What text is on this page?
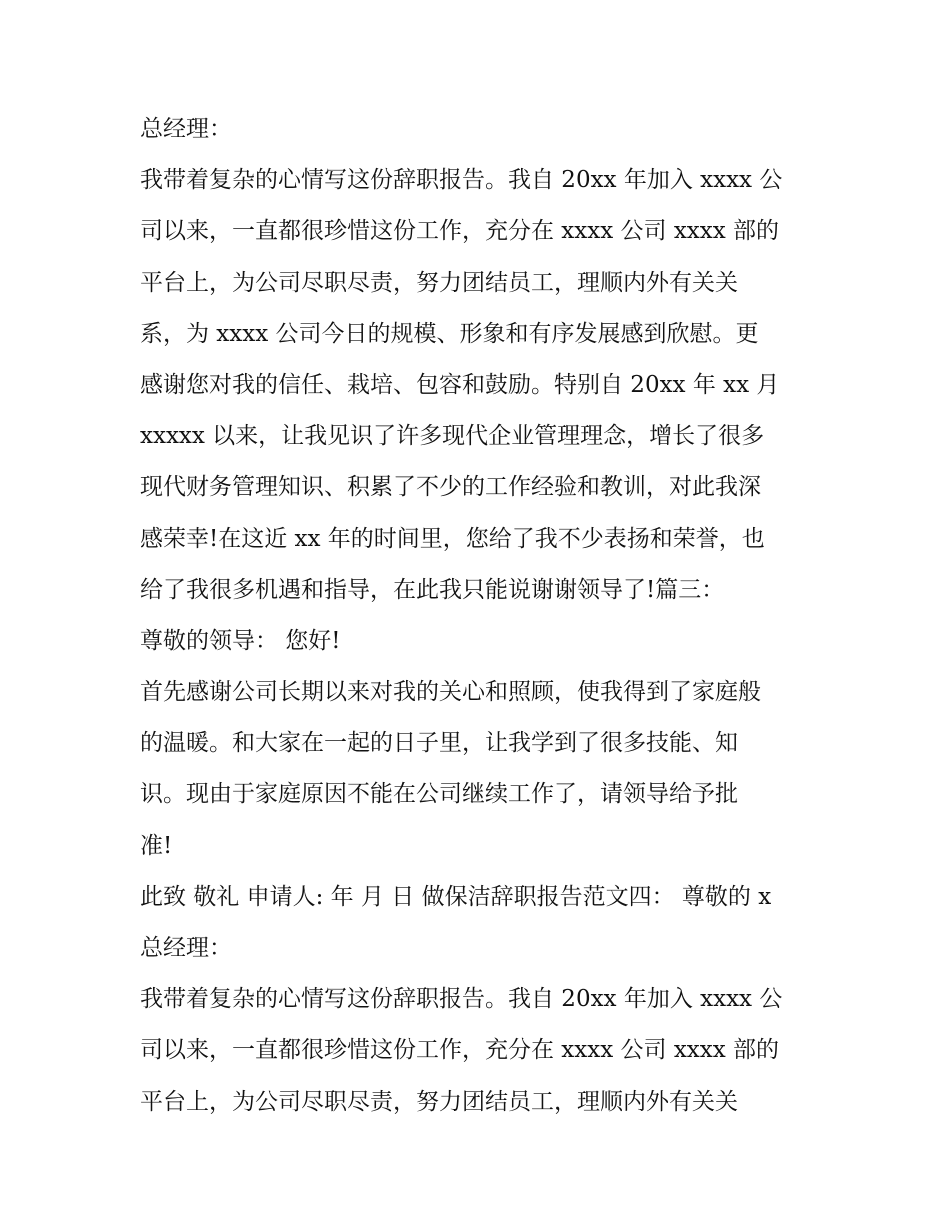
总经理：
我带着复杂的心情写这份辞职报告。我自 20xx 年加入 xxxx 公
司以来，一直都很珍惜这份工作，充分在 xxxx 公司 xxxx 部的
平台上，为公司尽职尽责，努力团结员工，理顺内外有关关
系，为 xxxx 公司今日的规模、形象和有序发展感到欣慰。更
感谢您对我的信任、栽培、包容和鼓励。特别自 20xx 年 xx 月
xxxxx 以来，让我见识了许多现代企业管理理念，增长了很多
现代财务管理知识、积累了不少的工作经验和教训，对此我深
感荣幸!在这近 xx 年的时间里，您给了我不少表扬和荣誉，也
给了我很多机遇和指导，在此我只能说谢谢领导了!篇三：
尊敬的领导： 您好!
首先感谢公司长期以来对我的关心和照顾，使我得到了家庭般
的温暖。和大家在一起的日子里，让我学到了很多技能、知
识。现由于家庭原因不能在公司继续工作了，请领导给予批
准!
此致 敬礼 申请人: 年 月 日 做保洁辞职报告范文四： 尊敬的 x
总经理：
我带着复杂的心情写这份辞职报告。我自 20xx 年加入 xxxx 公
司以来，一直都很珍惜这份工作，充分在 xxxx 公司 xxxx 部的
平台上，为公司尽职尽责，努力团结员工，理顺内外有关关
